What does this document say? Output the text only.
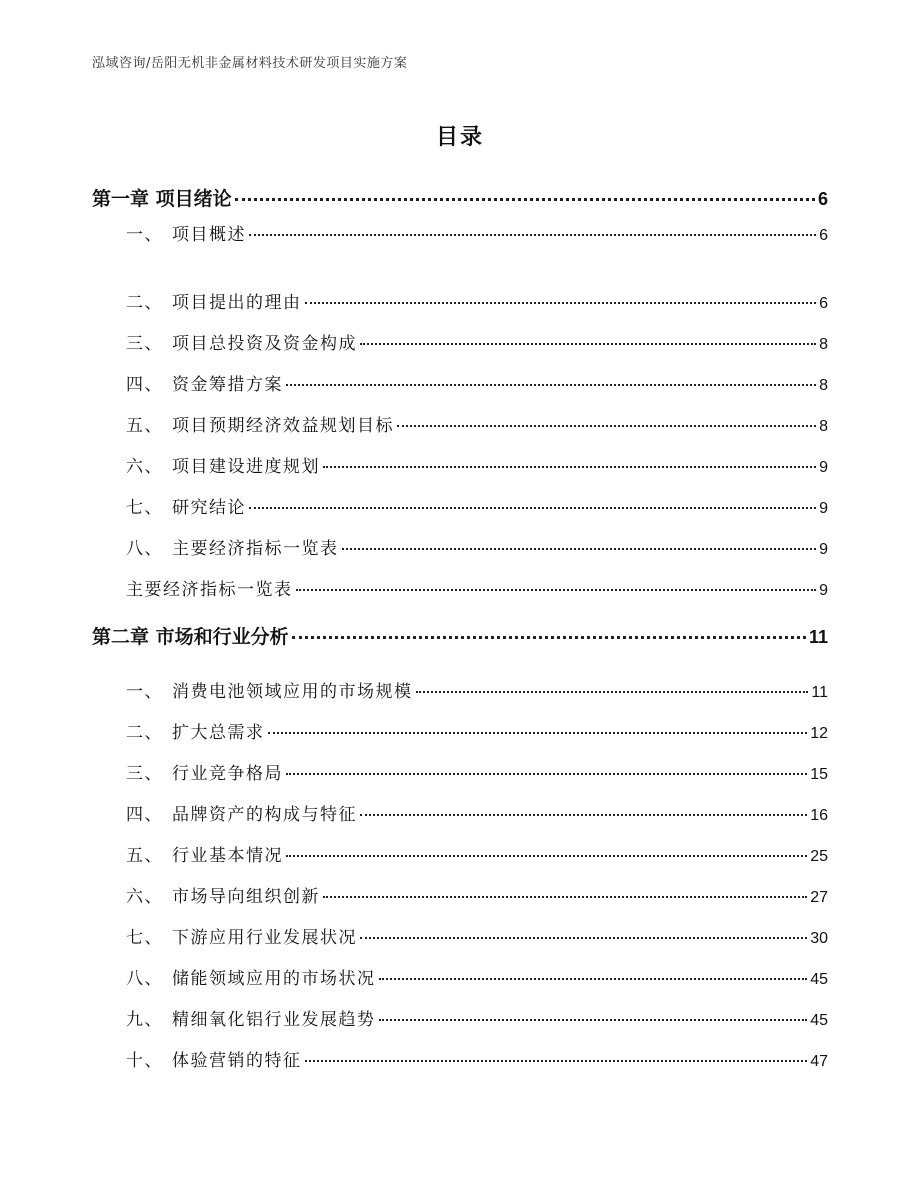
泓域咨询/岳阳无机非金属材料技术研发项目实施方案
目录
第一章 项目绪论	6
一、 项目概述	6
二、 项目提出的理由	6
三、 项目总投资及资金构成	8
四、 资金筹措方案	8
五、 项目预期经济效益规划目标	8
六、 项目建设进度规划	9
七、 研究结论	9
八、 主要经济指标一览表	9
主要经济指标一览表	9
第二章 市场和行业分析	11
一、 消费电池领域应用的市场规模	11
二、 扩大总需求	12
三、 行业竞争格局	15
四、 品牌资产的构成与特征	16
五、 行业基本情况	25
六、 市场导向组织创新	27
七、 下游应用行业发展状况	30
八、 储能领域应用的市场状况	45
九、 精细氧化铝行业发展趋势	45
十、 体验营销的特征	47
